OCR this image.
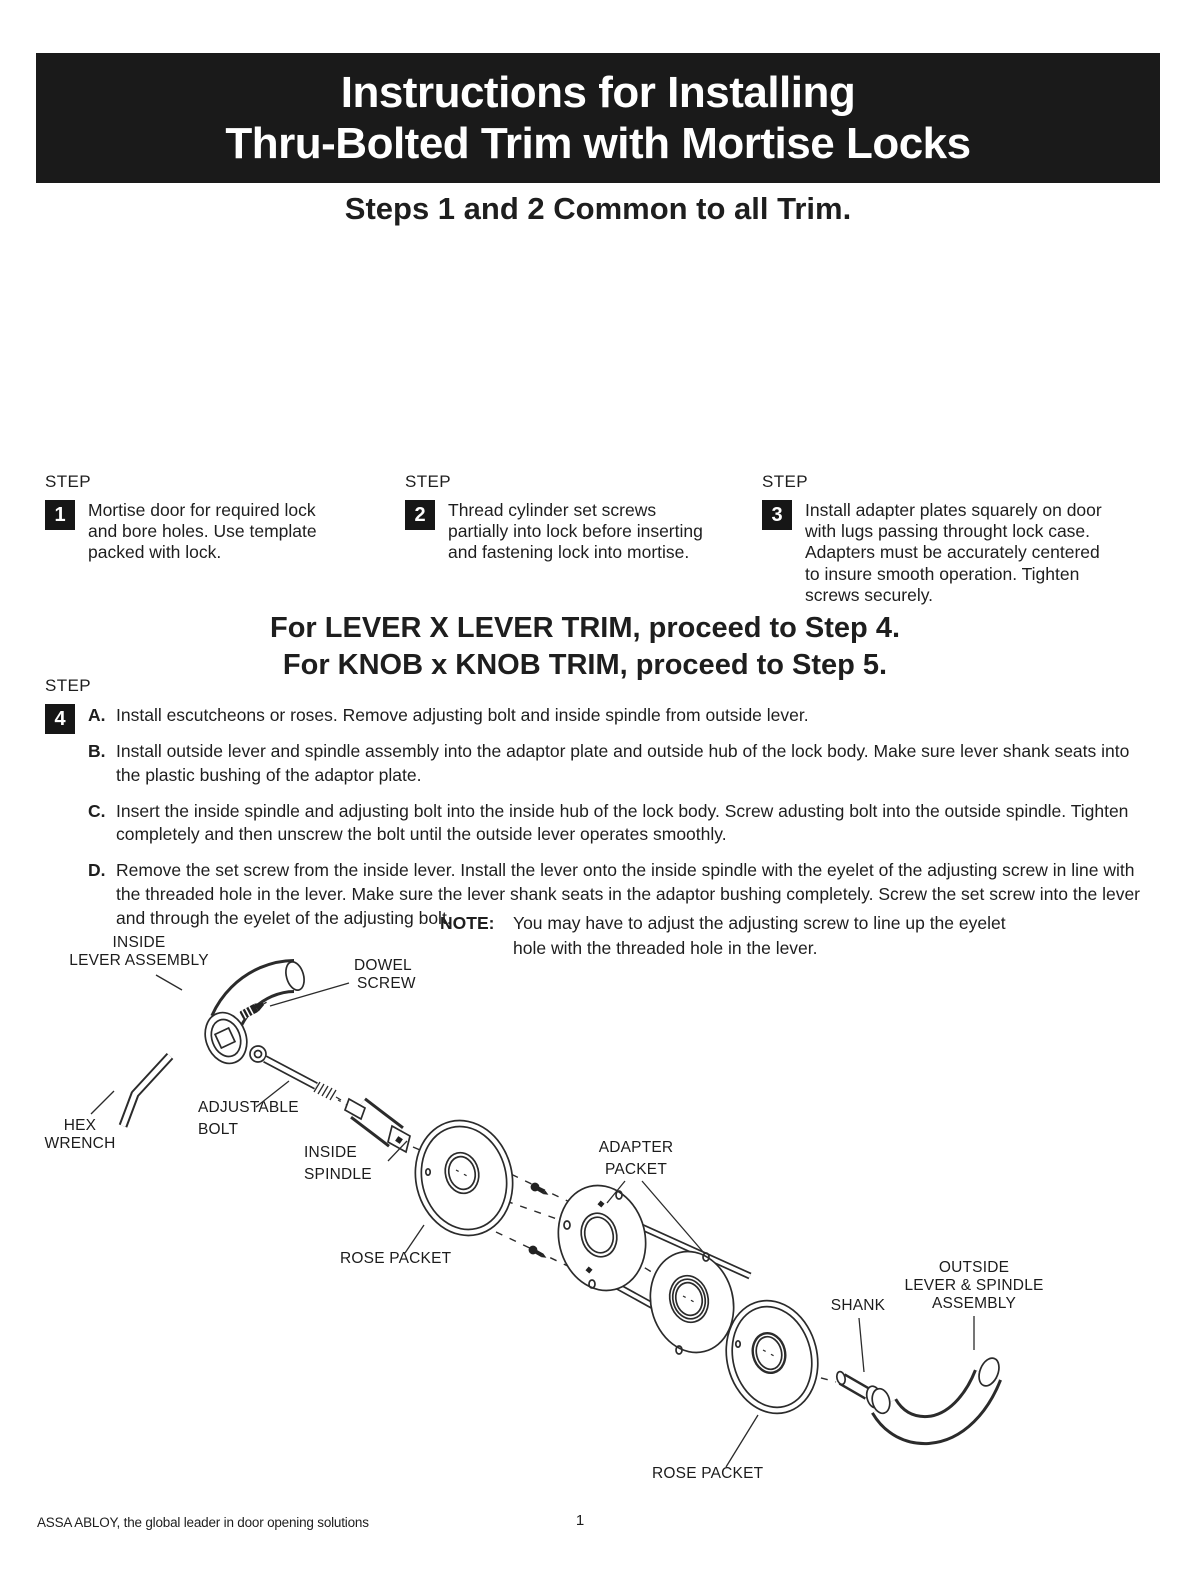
Instructions for Installing
Thru-Bolted Trim with Mortise Locks
Steps 1 and 2 Common to all Trim.
STEP
1	Mortise door for required lock and bore holes. Use template packed with lock.
STEP
2	Thread cylinder set screws partially into lock before inserting and fastening lock into mortise.
STEP
3	Install adapter plates squarely on door with lugs passing throught lock case. Adapters must be accurately centered to insure smooth operation. Tighten screws securely.
For LEVER X LEVER TRIM, proceed to Step 4.
For KNOB x KNOB TRIM, proceed to Step 5.
STEP
4	A. Install escutcheons or roses. Remove adjusting bolt and inside spindle from outside lever.
B. Install outside lever and spindle assembly into the adaptor plate and outside hub of the lock body. Make sure lever shank seats into the plastic bushing of the adaptor plate.
C. Insert the inside spindle and adjusting bolt into the inside hub of the lock body. Screw adusting bolt into the outside spindle. Tighten completely and then unscrew the bolt until the outside lever operates smoothly.
D. Remove the set screw from the inside lever. Install the lever onto the inside spindle with the eyelet of the adjusting screw in line with the threaded hole in the lever. Make sure the lever shank seats in the adaptor bushing completely. Screw the set screw into the lever and through the eyelet of the adjusting bolt.
NOTE:	You may have to adjust the adjusting screw to line up the eyelet hole with the threaded hole in the lever.
INSIDE
LEVER ASSEMBLY	DOWEL
SCREW
HEX
WRENCH
ADJUSTABLE
BOLT
INSIDE
SPINDLE
ROSE PACKET
ADAPTER
PACKET
SHANK
OUTSIDE
LEVER & SPINDLE
ASSEMBLY
ROSE PACKET
ASSA ABLOY, the global leader in door opening solutions	1
